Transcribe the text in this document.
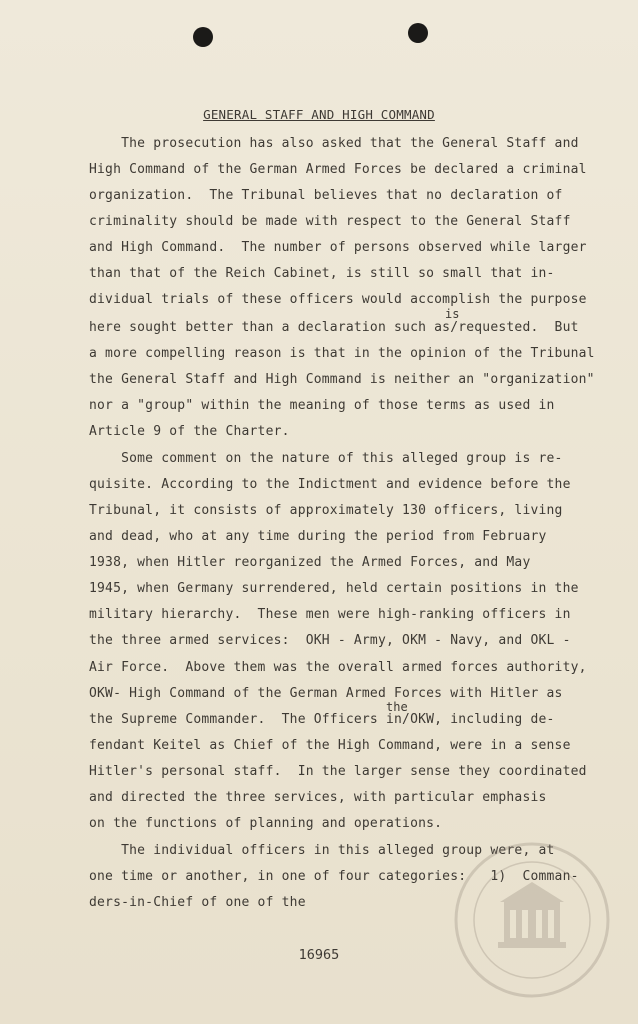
GENERAL STAFF AND HIGH COMMAND
The prosecution has also asked that the General Staff and
High Command of the German Armed Forces be declared a criminal
organization.  The Tribunal believes that no declaration of
criminality should be made with respect to the General Staff
and High Command.  The number of persons observed while larger
than that of the Reich Cabinet, is still so small that in-
dividual trials of these officers would accomplish the purpose
is
here sought better than a declaration such as/requested.  But
a more compelling reason is that in the opinion of the Tribunal
the General Staff and High Command is neither an "organization"
nor a "group" within the meaning of those terms as used in
Article 9 of the Charter.
Some comment on the nature of this alleged group is re-
quisite. According to the Indictment and evidence before the
Tribunal, it consists of approximately 130 officers, living
and dead, who at any time during the period from February
1938, when Hitler reorganized the Armed Forces, and May
1945, when Germany surrendered, held certain positions in the
military hierarchy.  These men were high-ranking officers in
the three armed services:  OKH - Army, OKM - Navy, and OKL -
Air Force.  Above them was the overall armed forces authority,
OKW- High Command of the German Armed Forces with Hitler as
the
the Supreme Commander.  The Officers in/OKW, including de-
fendant Keitel as Chief of the High Command, were in a sense
Hitler's personal staff.  In the larger sense they coordinated
and directed the three services, with particular emphasis
on the functions of planning and operations.
The individual officers in this alleged group were, at
one time or another, in one of four categories:   1)  Comman-
ders-in-Chief of one of the
16965
